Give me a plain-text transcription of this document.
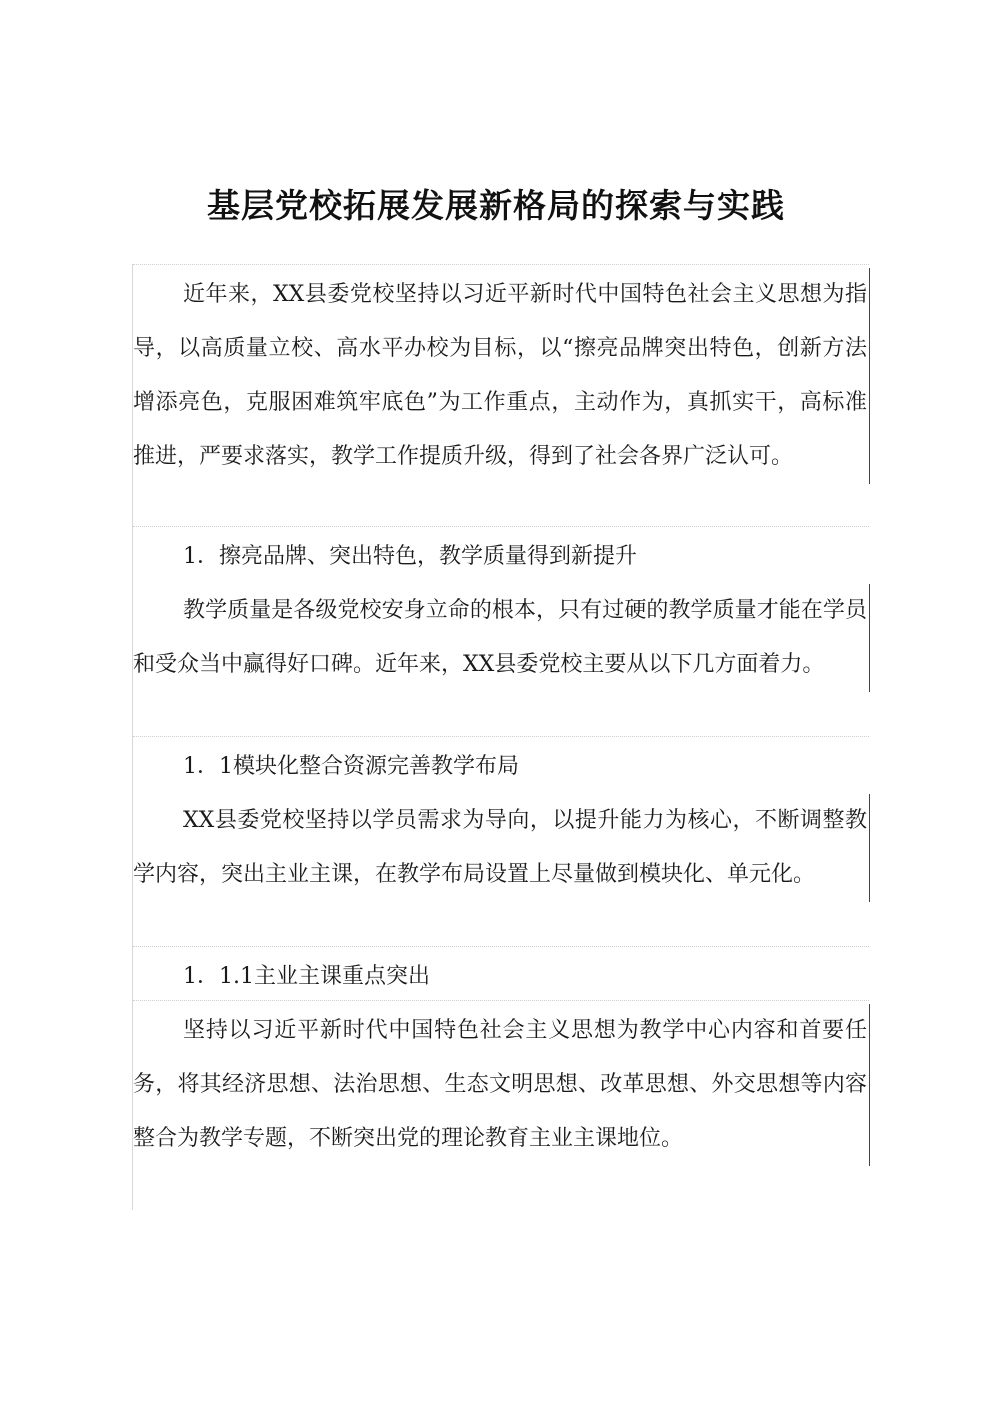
基层党校拓展发展新格局的探索与实践

近年来，XX县委党校坚持以习近平新时代中国特色社会主义思想为指导，以高质量立校、高水平办校为目标，以“擦亮品牌突出特色，创新方法增添亮色，克服困难筑牢底色”为工作重点，主动作为，真抓实干，高标准推进，严要求落实，教学工作提质升级，得到了社会各界广泛认可。

1．擦亮品牌、突出特色，教学质量得到新提升

教学质量是各级党校安身立命的根本，只有过硬的教学质量才能在学员和受众当中赢得好口碑。近年来，XX县委党校主要从以下几方面着力。

1．1模块化整合资源完善教学布局

XX县委党校坚持以学员需求为导向，以提升能力为核心，不断调整教学内容，突出主业主课，在教学布局设置上尽量做到模块化、单元化。

1．1.1主业主课重点突出

坚持以习近平新时代中国特色社会主义思想为教学中心内容和首要任务，将其经济思想、法治思想、生态文明思想、改革思想、外交思想等内容整合为教学专题，不断突出党的理论教育主业主课地位。
